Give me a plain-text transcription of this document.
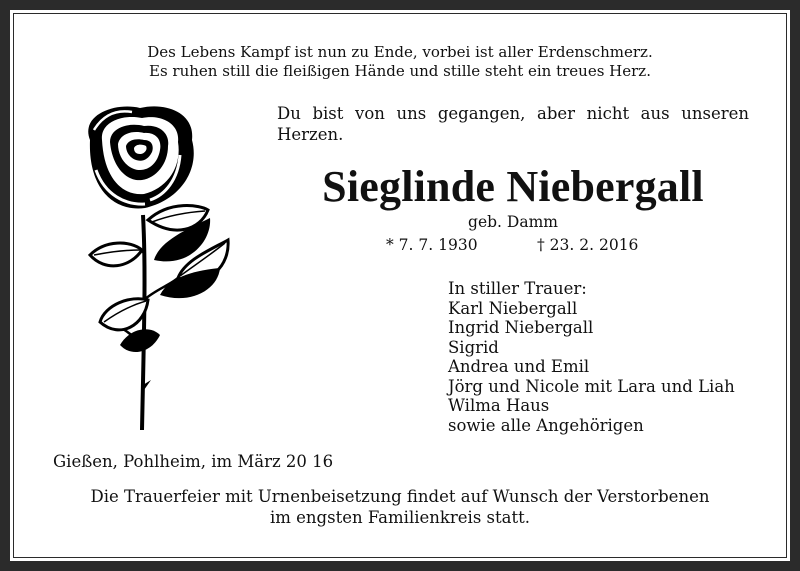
Des Lebens Kampf ist nun zu Ende, vorbei ist aller Erdenschmerz.
Es ruhen still die fleißigen Hände und stille steht ein treues Herz.
Du bist von uns gegangen, aber nicht aus unseren Herzen.
Sieglinde Niebergall
geb. Damm
* 7. 7. 1930	† 23. 2. 2016
In stiller Trauer:
Karl Niebergall
Ingrid Niebergall
Sigrid
Andrea und Emil
Jörg und Nicole mit Lara und Liah
Wilma Haus
sowie alle Angehörigen
Gießen, Pohlheim, im März 20 16
Die Trauerfeier mit Urnenbeisetzung findet auf Wunsch der Verstorbenen
im engsten Familienkreis statt.
